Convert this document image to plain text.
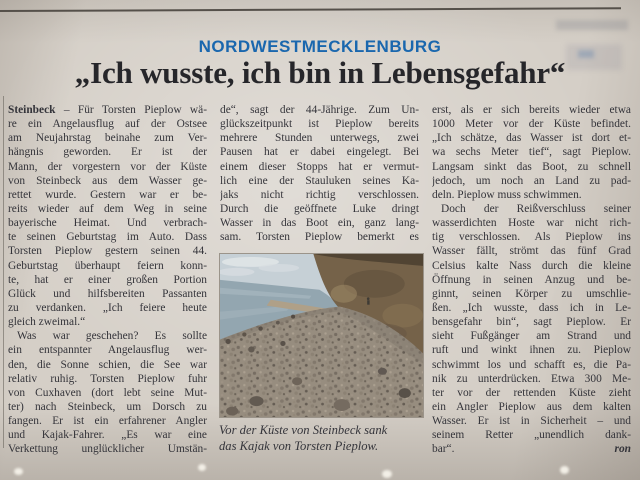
NORDWESTMECKLENBURG
„Ich wusste, ich bin in Lebensgefahr“
Steinbeck – Für Torsten Pieplow wä-
re ein Angelausflug auf der Ostsee
am Neujahrstag beinahe zum Ver-
hängnis geworden. Er ist der
Mann, der vorgestern vor der Küste
von Steinbeck aus dem Wasser ge-
rettet wurde. Gestern war er be-
reits wieder auf dem Weg in seine
bayerische Heimat. Und verbrach-
te seinen Geburtstag im Auto. Dass
Torsten Pieplow gestern seinen 44.
Geburtstag überhaupt feiern konn-
te, hat er einer großen Portion
Glück und hilfsbereiten Passanten
zu verdanken. „Ich feiere heute
gleich zweimal.“
Was war geschehen? Es sollte
ein entspannter Angelausflug wer-
den, die Sonne schien, die See war
relativ ruhig. Torsten Pieplow fuhr
von Cuxhaven (dort lebt seine Mut-
ter) nach Steinbeck, um Dorsch zu
fangen. Er ist ein erfahrener Angler
und Kajak-Fahrer. „Es war eine
Verkettung unglücklicher Umstän-
de“, sagt der 44-Jährige. Zum Un-
glückszeitpunkt ist Pieplow bereits
mehrere Stunden unterwegs, zwei
Pausen hat er dabei eingelegt. Bei
einem dieser Stopps hat er vermut-
lich eine der Stauluken seines Ka-
jaks nicht richtig verschlossen.
Durch die geöffnete Luke dringt
Wasser in das Boot ein, ganz lang-
sam. Torsten Pieplow bemerkt es
erst, als er sich bereits wieder etwa
1000 Meter vor der Küste befindet.
„Ich schätze, das Wasser ist dort et-
wa sechs Meter tief“, sagt Pieplow.
Langsam sinkt das Boot, zu schnell
jedoch, um noch an Land zu pad-
deln. Pieplow muss schwimmen.
Doch der Reißverschluss seiner
wasserdichten Hoste war nicht rich-
tig verschlossen. Als Pieplow ins
Wasser fällt, strömt das fünf Grad
Celsius kalte Nass durch die kleine
Öffnung in seinen Anzug und be-
ginnt, seinen Körper zu umschlie-
ßen. „Ich wusste, dass ich in Le-
bensgefahr bin“, sagt Pieplow. Er
sieht Fußgänger am Strand und
ruft und winkt ihnen zu. Pieplow
schwimmt los und schafft es, die Pa-
nik zu unterdrücken. Etwa 300 Me-
ter vor der rettenden Küste zieht
ein Angler Pieplow aus dem kalten
Wasser. Er ist in Sicherheit – und
seinem Retter „unendlich dank-
ron
bar“.
Vor der Küste von Steinbeck sank
das Kajak von Torsten Pieplow.
